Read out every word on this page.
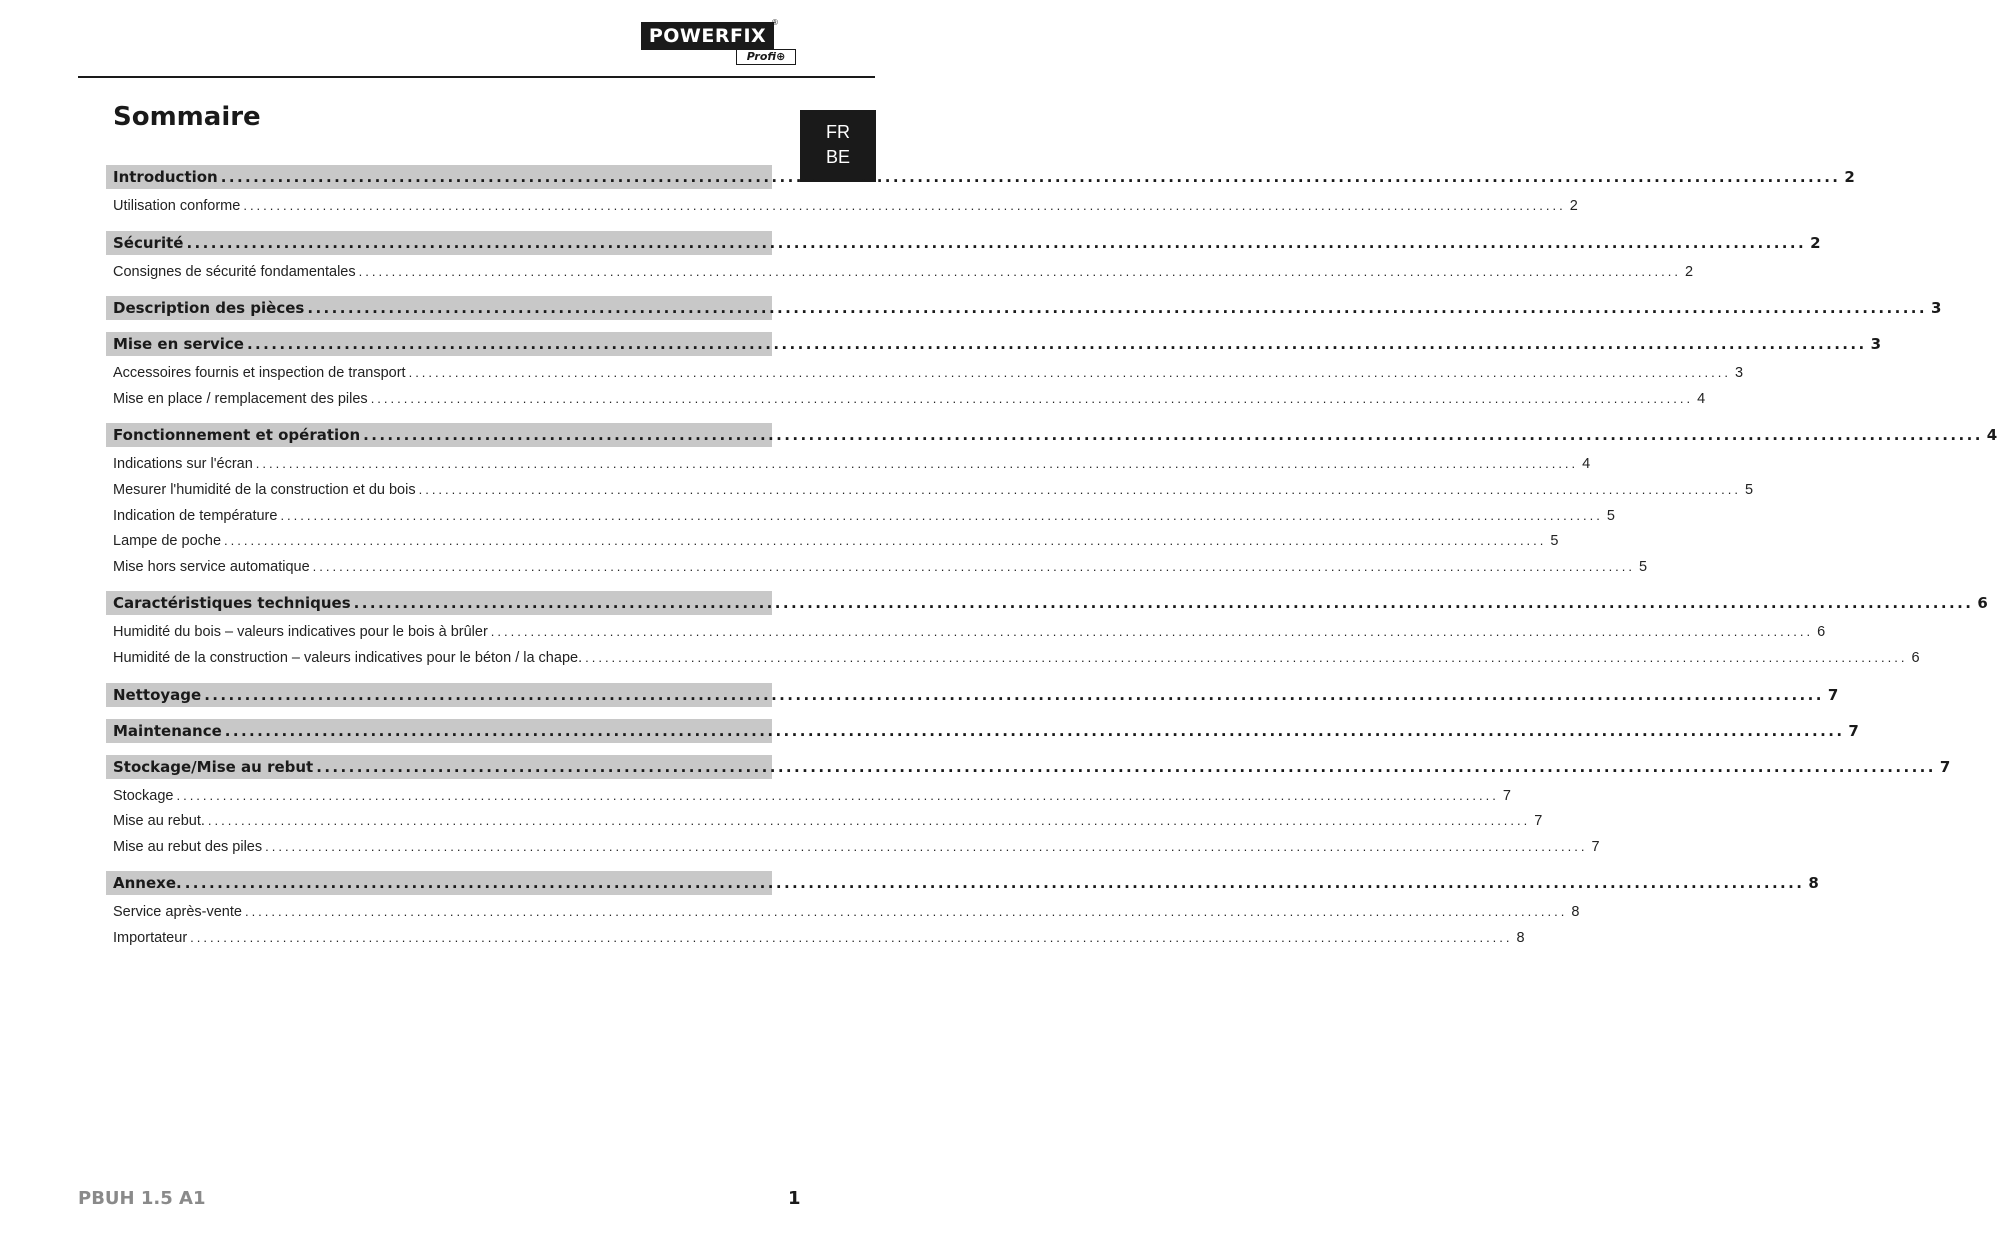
POWERFIX
®
Profi⊕
FR
BE
Sommaire
Introduction ........................................................................................................................................................................................................ 2
Utilisation conforme ........................................................................................................................................................................................................ 2
Sécurité ........................................................................................................................................................................................................ 2
Consignes de sécurité fondamentales ........................................................................................................................................................................................................ 2
Description des pièces ........................................................................................................................................................................................................ 3
Mise en service ........................................................................................................................................................................................................ 3
Accessoires fournis et inspection de transport ........................................................................................................................................................................................................ 3
Mise en place / remplacement des piles ........................................................................................................................................................................................................ 4
Fonctionnement et opération ........................................................................................................................................................................................................ 4
Indications sur l'écran ........................................................................................................................................................................................................ 4
Mesurer l'humidité de la construction et du bois ........................................................................................................................................................................................................ 5
Indication de température ........................................................................................................................................................................................................ 5
Lampe de poche ........................................................................................................................................................................................................ 5
Mise hors service automatique ........................................................................................................................................................................................................ 5
Caractéristiques techniques ........................................................................................................................................................................................................ 6
Humidité du bois – valeurs indicatives pour le bois à brûler ........................................................................................................................................................................................................ 6
Humidité de la construction – valeurs indicatives pour le béton / la chape. ........................................................................................................................................................................................................ 6
Nettoyage ........................................................................................................................................................................................................ 7
Maintenance ........................................................................................................................................................................................................ 7
Stockage/Mise au rebut ........................................................................................................................................................................................................ 7
Stockage ........................................................................................................................................................................................................ 7
Mise au rebut. ........................................................................................................................................................................................................ 7
Mise au rebut des piles ........................................................................................................................................................................................................ 7
Annexe. ........................................................................................................................................................................................................ 8
Service après-vente ........................................................................................................................................................................................................ 8
Importateur ........................................................................................................................................................................................................ 8
PBUH 1.5 A1	1
